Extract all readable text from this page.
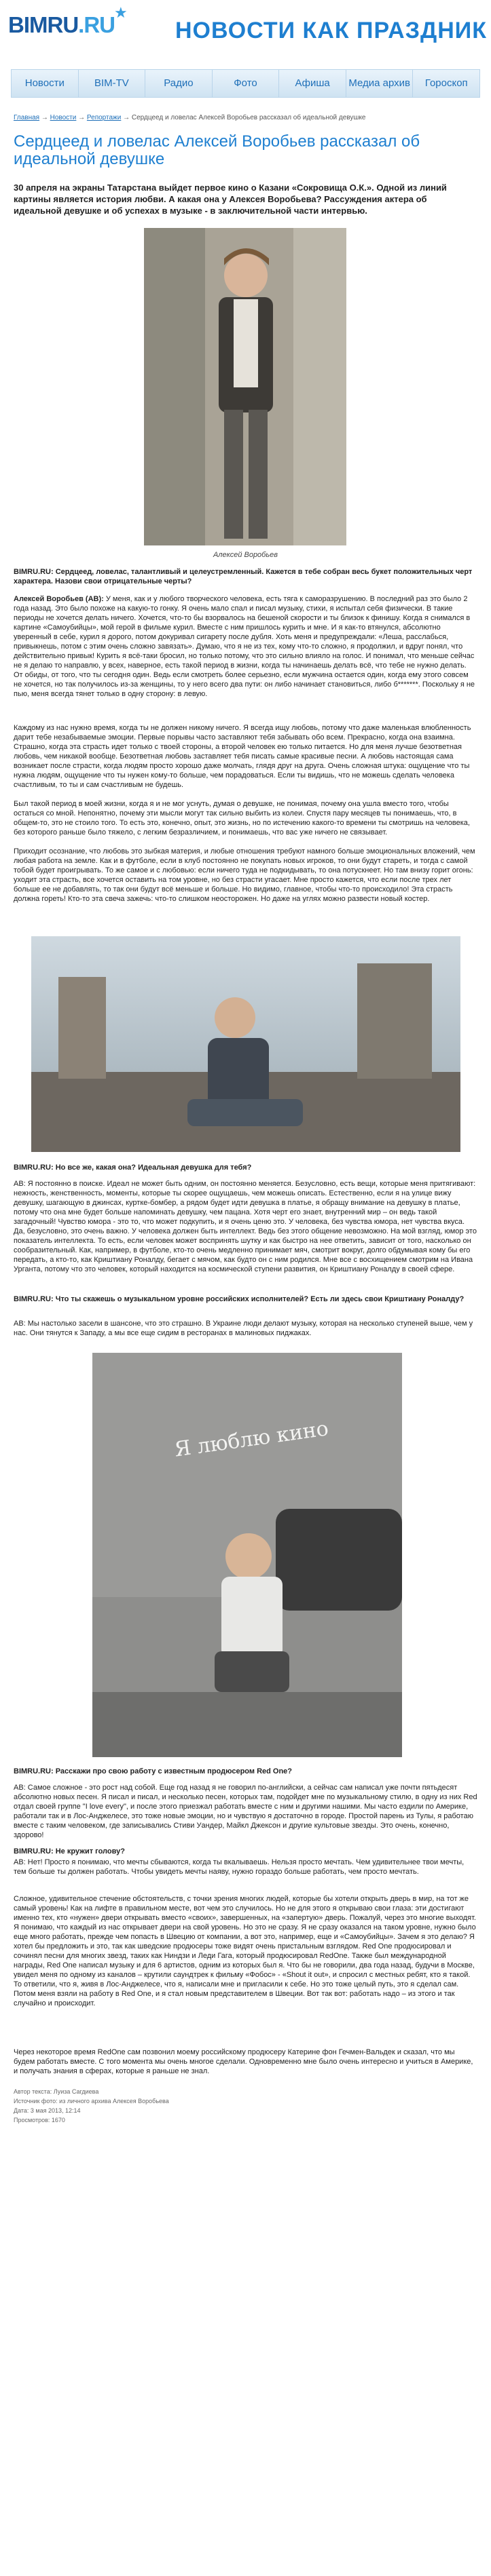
BIMRU.RU ★
НОВОСТИ КАК ПРАЗДНИК
Новости	BIM-TV	Радио	Фото	Афиша	Медиа архив	Гороскоп
Главная → Новости → Репортажи → Сердцеед и ловелас Алексей Воробьев рассказал об идеальной девушке
Сердцеед и ловелас Алексей Воробьев рассказал об идеальной девушке
30 апреля на экраны Татарстана выйдет первое кино о Казани «Сокровища О.К.». Одной из линий картины является история любви. А какая она у Алексея Воробьева? Рассуждения актера об идеальной девушке и об успехах в музыке - в заключительной части интервью.
Алексей Воробьев
BIMRU.RU: Сердцеед, ловелас, талантливый и целеустремленный. Кажется в тебе собран весь букет положительных черт характера. Назови свои отрицательные черты?
Алексей Воробьев (АВ): У меня, как и у любого творческого человека, есть тяга к саморазрушению. В последний раз это было 2 года назад. Это было похоже на какую-то гонку. Я очень мало спал и писал музыку, стихи, я испытал себя физически. В такие периоды не хочется делать ничего. Хочется, что-то бы взорвалось на бешеной скорости и ты близок к финишу. Когда я снимался в картине «Самоубийцы», мой герой в фильме курил. Вместе с ним пришлось курить и мне. И я как-то втянулся, абсолютно уверенный в себе, курил я дорого, потом докуривал сигарету после дубля. Хоть меня и предупреждали: «Леша, расслабься, привыкнешь, потом с этим очень сложно завязать». Думаю, что я не из тех, кому что-то сложно, я продолжил, и вдруг понял, что действительно привык! Курить я всё-таки бросил, но только потому, что это сильно влияло на голос. И понимал, что меньше сейчас не я делаю то направлю, у всех, наверное, есть такой период в жизни, когда ты начинаешь делать всё, что тебе не нужно делать. От обиды, от того, что ты сегодня один. Ведь если смотреть более серьезно, если мужчина остается один, когда ему этого совсем не хочется, но так получилось из-за женщины, то у него всего два пути: он либо начинает становиться, либо б*******. Поскольку я не пью, меня всегда тянет только в одну сторону: в левую.
Каждому из нас нужно время, когда ты не должен никому ничего. Я всегда ищу любовь, потому что даже маленькая влюбленность дарит тебе незабываемые эмоции. Первые порывы часто заставляют тебя забывать обо всем. Прекрасно, когда она взаимна. Страшно, когда эта страсть идет только с твоей стороны, а второй человек ею только питается. Но для меня лучше безответная любовь, чем никакой вообще. Безответная любовь заставляет тебя писать самые красивые песни. А любовь настоящая сама возникает после страсти, когда людям просто хорошо даже молчать, глядя друг на друга. Очень сложная штука: ощущение что ты нужна людям, ощущение что ты нужен кому-то больше, чем порадоваться. Если ты видишь, что не можешь сделать человека счастливым, то ты и сам счастливым не будешь.
Был такой период в моей жизни, когда я и не мог уснуть, думая о девушке, не понимая, почему она ушла вместо того, чтобы остаться со мной. Непонятно, почему эти мысли могут так сильно выбить из колеи. Спустя пару месяцев ты понимаешь, что, в общем-то, это не стоило того. То есть это, конечно, опыт, это жизнь, но по истечению какого-то времени ты смотришь на человека, без которого раньше было тяжело, с легким безразличием, и понимаешь, что вас уже ничего не связывает.
Приходит осознание, что любовь это зыбкая материя, и любые отношения требуют намного больше эмоциональных вложений, чем любая работа на земле. Как и в футболе, если в клуб постоянно не покупать новых игроков, то они будут стареть, и тогда с самой тобой будет проигрывать. То же самое и с любовью: если ничего туда не подкидывать, то она потускнеет. Но там внизу горит огонь: уходит эта страсть, все хочется оставить на том уровне, но без страсти угасает. Мне просто кажется, что если после трех лет больше ее не добавлять, то так они будут всё меньше и больше. Но видимо, главное, чтобы что-то происходило! Эта страсть должна гореть! Кто-то эта свеча зажечь: что-то слишком неосторожен. Но даже на углях можно развести новый костер.
BIMRU.RU: Но все же, какая она? Идеальная девушка для тебя?
АВ: Я постоянно в поиске. Идеал не может быть одним, он постоянно меняется. Безусловно, есть вещи, которые меня притягивают: нежность, женственность, моменты, которые ты скорее ощущаешь, чем можешь описать. Естественно, если я на улице вижу девушку, шагающую в джинсах, куртке-бомбер, а рядом будет идти девушка в платье, я обращу внимание на девушку в платье, потому что она мне будет больше напоминать девушку, чем пацана. Хотя черт его знает, внутренний мир – он ведь такой загадочный! Чувство юмора - это то, что может подкупить, и я очень ценю это. У человека, без чувства юмора, нет чувства вкуса. Да, безусловно, это очень важно. У человека должен быть интеллект. Ведь без этого общение невозможно. На мой взгляд, юмор это показатель интеллекта. То есть, если человек может воспринять шутку и как быстро на нее ответить, зависит от того, насколько он сообразительный. Как, например, в футболе, кто-то очень медленно принимает мяч, смотрит вокруг, долго обдумывая кому бы его передать, а кто-то, как Криштиану Роналду, бегает с мячом, как будто он с ним родился. Мне все с восхищением смотрим на Ивана Урганта, потому что это человек, который находится на космической ступени развития, он Криштиану Роналду в своей сфере.
BIMRU.RU: Что ты скажешь о музыкальном уровне российских исполнителей? Есть ли здесь свои Криштиану Роналду?
АВ: Мы настолько засели в шансоне, что это страшно. В Украине люди делают музыку, которая на несколько ступеней выше, чем у нас. Они тянутся к Западу, а мы все еще сидим в ресторанах в малиновых пиджаках.
Я люблю кино
BIMRU.RU: Расскажи про свою работу с известным продюсером Red One?
АВ: Самое сложное - это рост над собой. Еще год назад я не говорил по-английски, а сейчас сам написал уже почти пятьдесят абсолютно новых песен. Я писал и писал, и несколько песен, которых там, подойдет мне по музыкальному стилю, в одну из них Red отдал своей группе "I love every", и после этого приезжал работать вместе с ним и другими нашими. Мы часто ездили по Америке, работали так и в Лос-Анджелесе, это тоже новые эмоции, но и чувствую я достаточно в городе. Простой парень из Тулы, я работаю вместе с таким человеком, где записывались Стиви Уандер, Майкл Джексон и другие культовые звезды. Это очень, конечно, здорово!
BIMRU.RU: Не кружит голову?
АВ: Нет! Просто я понимаю, что мечты сбываются, когда ты вкалываешь. Нельзя просто мечтать. Чем удивительнее твои мечты, тем больше ты должен работать. Чтобы увидеть мечты наяву, нужно гораздо больше работать, чем просто мечтать.
Сложное, удивительное стечение обстоятельств, с точки зрения многих людей, которые бы хотели открыть дверь в мир, на тот же самый уровень! Как на лифте в правильном месте, вот чем это случилось. Но не для этого я открываю свои глаза: эти достигают именно тех, кто «нужен» двери открывать вместо «своих», завершенных, на «запертую» дверь. Пожалуй, через это многие выходят. Я понимаю, что каждый из нас открывает двери на свой уровень. Но это не сразу. Я не сразу оказался на таком уровне, нужно было еще много работать, прежде чем попасть в Швецию от компании, а вот это, например, еще и «Самоубийцы». Зачем я это делаю? Я хотел бы предложить и это, так как шведские продюсеры тоже видят очень пристальным взглядом. Red One продюсировал и сочинял песни для многих звезд, таких как Ниндзи и Леди Гага, который продюсировал RedOne. Также был международной награды, Red One написал музыку и для 6 артистов, одним из которых был я. Что бы не говорили, два года назад, будучи в Москве, увидел меня по одному из каналов – крутили саундтрек к фильму «Фобос» - «Shout it out», и спросил с местных ребят, кто я такой. То ответили, что я, живя в Лос-Анджелесе, что я, написали мне и пригласили к себе. Но это тоже целый путь, это я сделал сам. Потом меня взяли на работу в Red One, и я стал новым представителем в Швеции. Вот так вот: работать надо – из этого и так случайно и происходит.
Через некоторое время RedOne сам позвонил моему российскому продюсеру Катерине фон Гечмен-Вальдек и сказал, что мы будем работать вместе. С того момента мы очень многое сделали. Одновременно мне было очень интересно и учиться в Америке, и получать знания в сферах, которые я раньше не знал.
Автор текста: Луиза Сагдиева
Источник фото: из личного архива Алексея Воробьева
Дата: 3 мая 2013, 12:14
Просмотров: 1670
